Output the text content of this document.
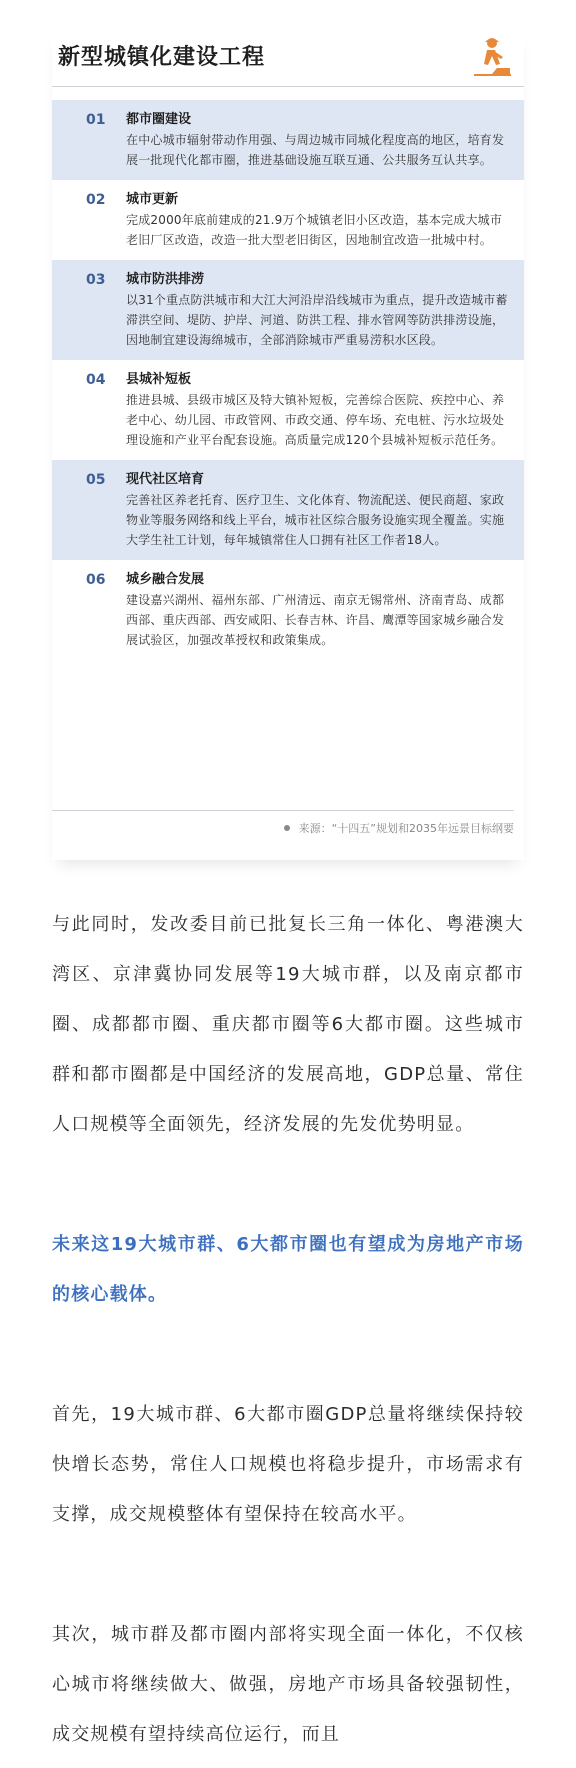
新型城镇化建设工程
01 都市圈建设
在中心城市辐射带动作用强、与周边城市同城化程度高的地区，培育发展一批现代化都市圈，推进基础设施互联互通、公共服务互认共享。
02 城市更新
完成2000年底前建成的21.9万个城镇老旧小区改造，基本完成大城市老旧厂区改造，改造一批大型老旧街区，因地制宜改造一批城中村。
03 城市防洪排涝
以31个重点防洪城市和大江大河沿岸沿线城市为重点，提升改造城市蓄滞洪空间、堤防、护岸、河道、防洪工程、排水管网等防洪排涝设施，因地制宜建设海绵城市，全部消除城市严重易涝积水区段。
04 县城补短板
推进县城、县级市城区及特大镇补短板，完善综合医院、疾控中心、养老中心、幼儿园、市政管网、市政交通、停车场、充电桩、污水垃圾处理设施和产业平台配套设施。高质量完成120个县城补短板示范任务。
05 现代社区培育
完善社区养老托育、医疗卫生、文化体育、物流配送、便民商超、家政物业等服务网络和线上平台，城市社区综合服务设施实现全覆盖。实施大学生社工计划，每年城镇常住人口拥有社区工作者18人。
06 城乡融合发展
建设嘉兴湖州、福州东部、广州清远、南京无锡常州、济南青岛、成都西部、重庆西部、西安咸阳、长春吉林、许昌、鹰潭等国家城乡融合发展试验区，加强改革授权和政策集成。
来源：“十四五”规划和2035年远景目标纲要

与此同时，发改委目前已批复长三角一体化、粤港澳大湾区、京津冀协同发展等19大城市群，以及南京都市圈、成都都市圈、重庆都市圈等6大都市圈。这些城市群和都市圈都是中国经济的发展高地，GDP总量、常住人口规模等全面领先，经济发展的先发优势明显。

未来这19大城市群、6大都市圈也有望成为房地产市场的核心载体。

首先，19大城市群、6大都市圈GDP总量将继续保持较快增长态势，常住人口规模也将稳步提升，市场需求有支撑，成交规模整体有望保持在较高水平。

其次，城市群及都市圈内部将实现全面一体化，不仅核心城市将继续做大、做强，房地产市场具备较强韧性，成交规模有望持续高位运行，而且
